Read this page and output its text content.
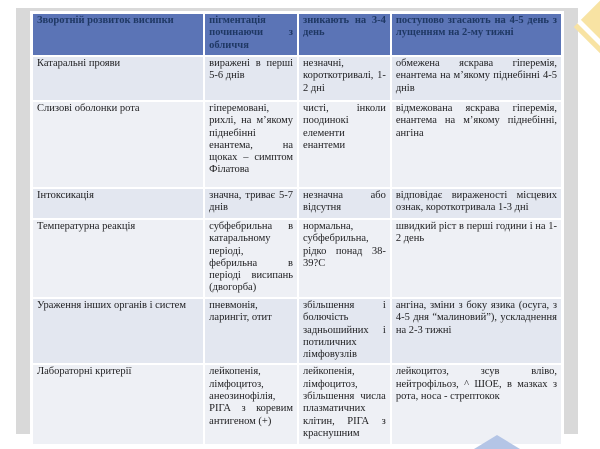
Зворотній розвиток висипки	пігментація починаючи з обличчя	зникають на 3-4 день	поступово згасають на 4-5 день з лущенням на 2-му тижні
Катаральні прояви	виражені в перші 5-6 днів	незначні, короткотривалі, 1-2 дні	обмежена яскрава гіперемія, енантема на м’якому піднебінні 4-5 днів
Слизові оболонки рота	гіперемовані, рихлі, на м’якому піднебінні енантема, на щоках – симптом Філатова	чисті, інколи поодинокі елементи енантеми	відмежована яскрава гіперемія, енантема на м’якому піднебінні, ангіна
Інтоксикація	значна, триває 5-7 днів	незначна або відсутня	відповідає вираженості місцевих ознак, короткотривала 1-3 дні
Температурна реакція	субфебрильна в катаральному періоді, фебрильна в періоді висипань (двогорба)	нормальна, субфебрильна, рідко понад 38-39?С	швидкий ріст в перші години і на 1-2 день
Ураження інших органів і систем	пневмонія, ларингіт, отит	збільшення і болючість задньошийних і потиличних лімфовузлів	ангіна, зміни з боку язика (осуга, з 4-5 дня “малиновий”), ускладнення на 2-3 тижні
Лабораторні критерії	лейкопенія, лімфоцитоз, анеозинофілія, РІГА з коревим антигеном (+)	лейкопенія, лімфоцитоз, збільшення числа плазматичних клітин, РІГА з краснушним	лейкоцитоз, зсув вліво, нейтрофільоз, ^ ШОЕ, в мазках з рота, носа - стрептокок
